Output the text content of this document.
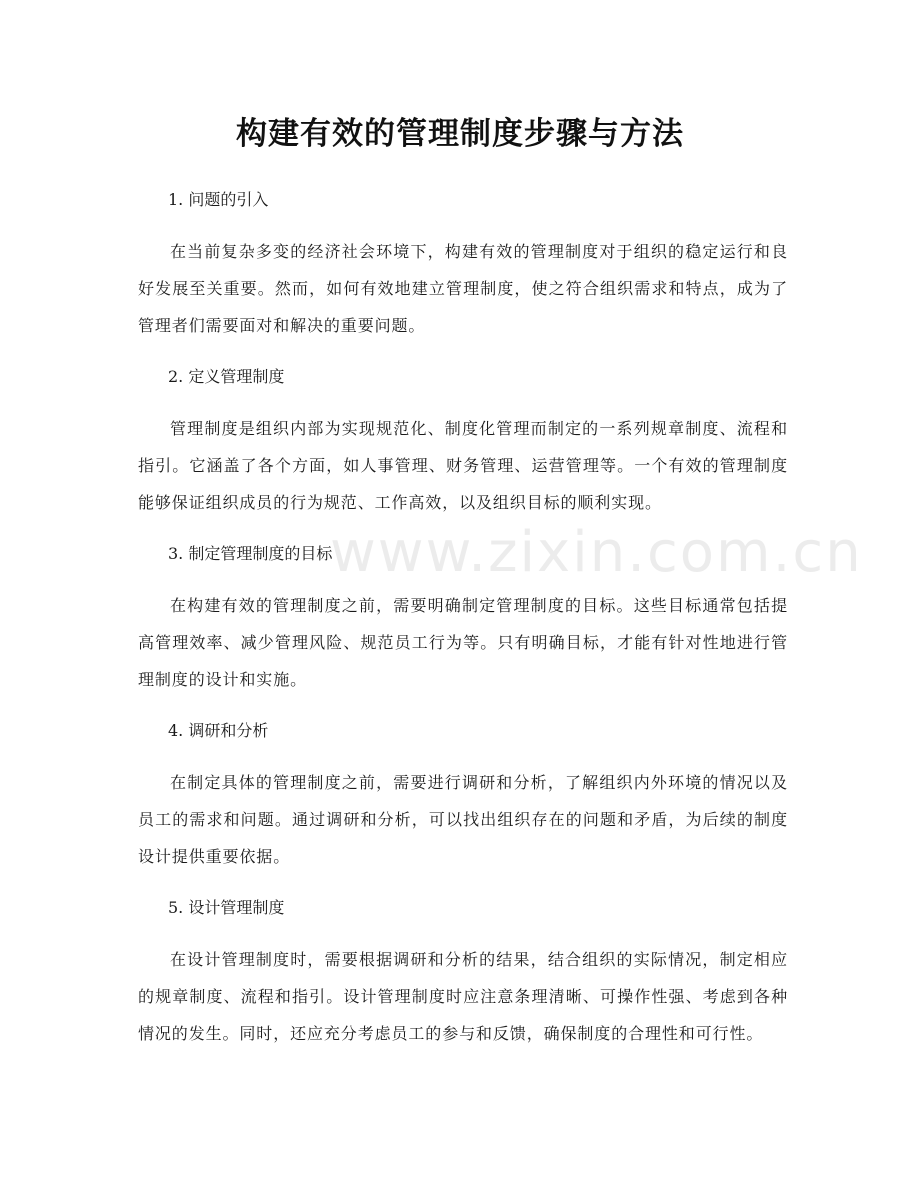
构建有效的管理制度步骤与方法
www.zixin.com.cn

1. 问题的引入

在当前复杂多变的经济社会环境下，构建有效的管理制度对于组织的稳定运行和良好发展至关重要。然而，如何有效地建立管理制度，使之符合组织需求和特点，成为了管理者们需要面对和解决的重要问题。

2. 定义管理制度

管理制度是组织内部为实现规范化、制度化管理而制定的一系列规章制度、流程和指引。它涵盖了各个方面，如人事管理、财务管理、运营管理等。一个有效的管理制度能够保证组织成员的行为规范、工作高效，以及组织目标的顺利实现。

3. 制定管理制度的目标

在构建有效的管理制度之前，需要明确制定管理制度的目标。这些目标通常包括提高管理效率、减少管理风险、规范员工行为等。只有明确目标，才能有针对性地进行管理制度的设计和实施。

4. 调研和分析

在制定具体的管理制度之前，需要进行调研和分析，了解组织内外环境的情况以及员工的需求和问题。通过调研和分析，可以找出组织存在的问题和矛盾，为后续的制度设计提供重要依据。

5. 设计管理制度

在设计管理制度时，需要根据调研和分析的结果，结合组织的实际情况，制定相应的规章制度、流程和指引。设计管理制度时应注意条理清晰、可操作性强、考虑到各种情况的发生。同时，还应充分考虑员工的参与和反馈，确保制度的合理性和可行性。
